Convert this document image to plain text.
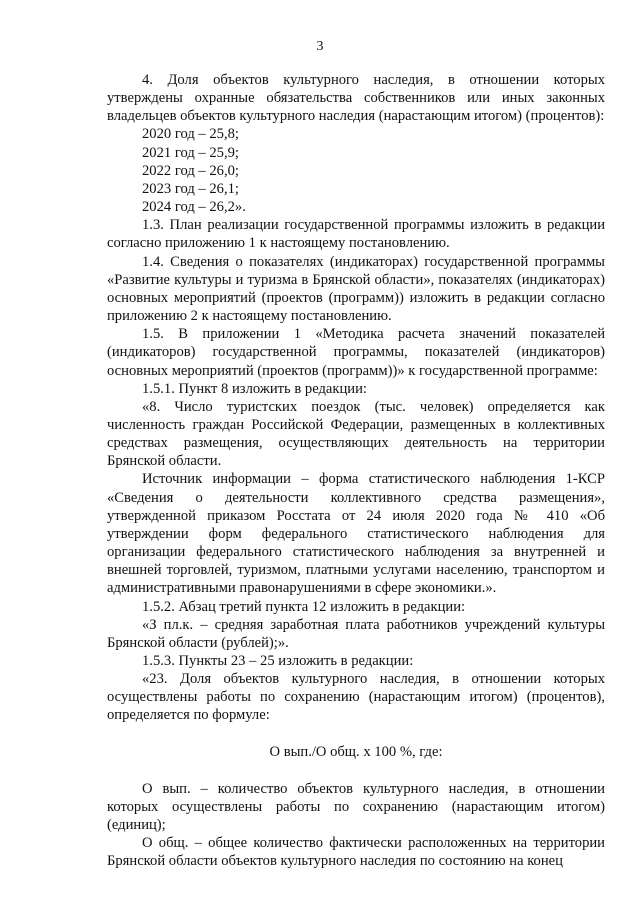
3

4. Доля объектов культурного наследия, в отношении которых утверждены охранные обязательства собственников или иных законных владельцев объектов культурного наследия (нарастающим итогом) (процентов):

2020 год – 25,8;

2021 год – 25,9;

2022 год – 26,0;

2023 год – 26,1;

2024 год – 26,2».

1.3. План реализации государственной программы изложить в редакции согласно приложению 1 к настоящему постановлению.

1.4. Сведения о показателях (индикаторах) государственной программы «Развитие культуры и туризма в Брянской области», показателях (индикаторах) основных мероприятий (проектов (программ)) изложить в редакции согласно приложению 2 к настоящему постановлению.

1.5. В приложении 1 «Методика расчета значений показателей (индикаторов) государственной программы, показателей (индикаторов) основных мероприятий (проектов (программ))» к государственной программе:

1.5.1. Пункт 8 изложить в редакции:

«8. Число туристских поездок (тыс. человек) определяется как численность граждан Российской Федерации, размещенных в коллективных средствах размещения, осуществляющих деятельность на территории Брянской области.

Источник информации – форма статистического наблюдения 1-КСР «Сведения о деятельности коллективного средства размещения», утвержденной приказом Росстата от 24 июля 2020 года № 410 «Об утверждении форм федерального статистического наблюдения для организации федерального статистического наблюдения за внутренней и внешней торговлей, туризмом, платными услугами населению, транспортом и административными правонарушениями в сфере экономики.».

1.5.2. Абзац третий пункта 12 изложить в редакции:

«З пл.к. – средняя заработная плата работников учреждений культуры Брянской области (рублей);».

1.5.3. Пункты 23 – 25 изложить в редакции:

«23. Доля объектов культурного наследия, в отношении которых осуществлены работы по сохранению (нарастающим итогом) (процентов), определяется по формуле:

О вып./О общ. х 100 %, где:

О вып. – количество объектов культурного наследия, в отношении которых осуществлены работы по сохранению (нарастающим итогом) (единиц);

О общ. – общее количество фактически расположенных на территории Брянской области объектов культурного наследия по состоянию на конец
